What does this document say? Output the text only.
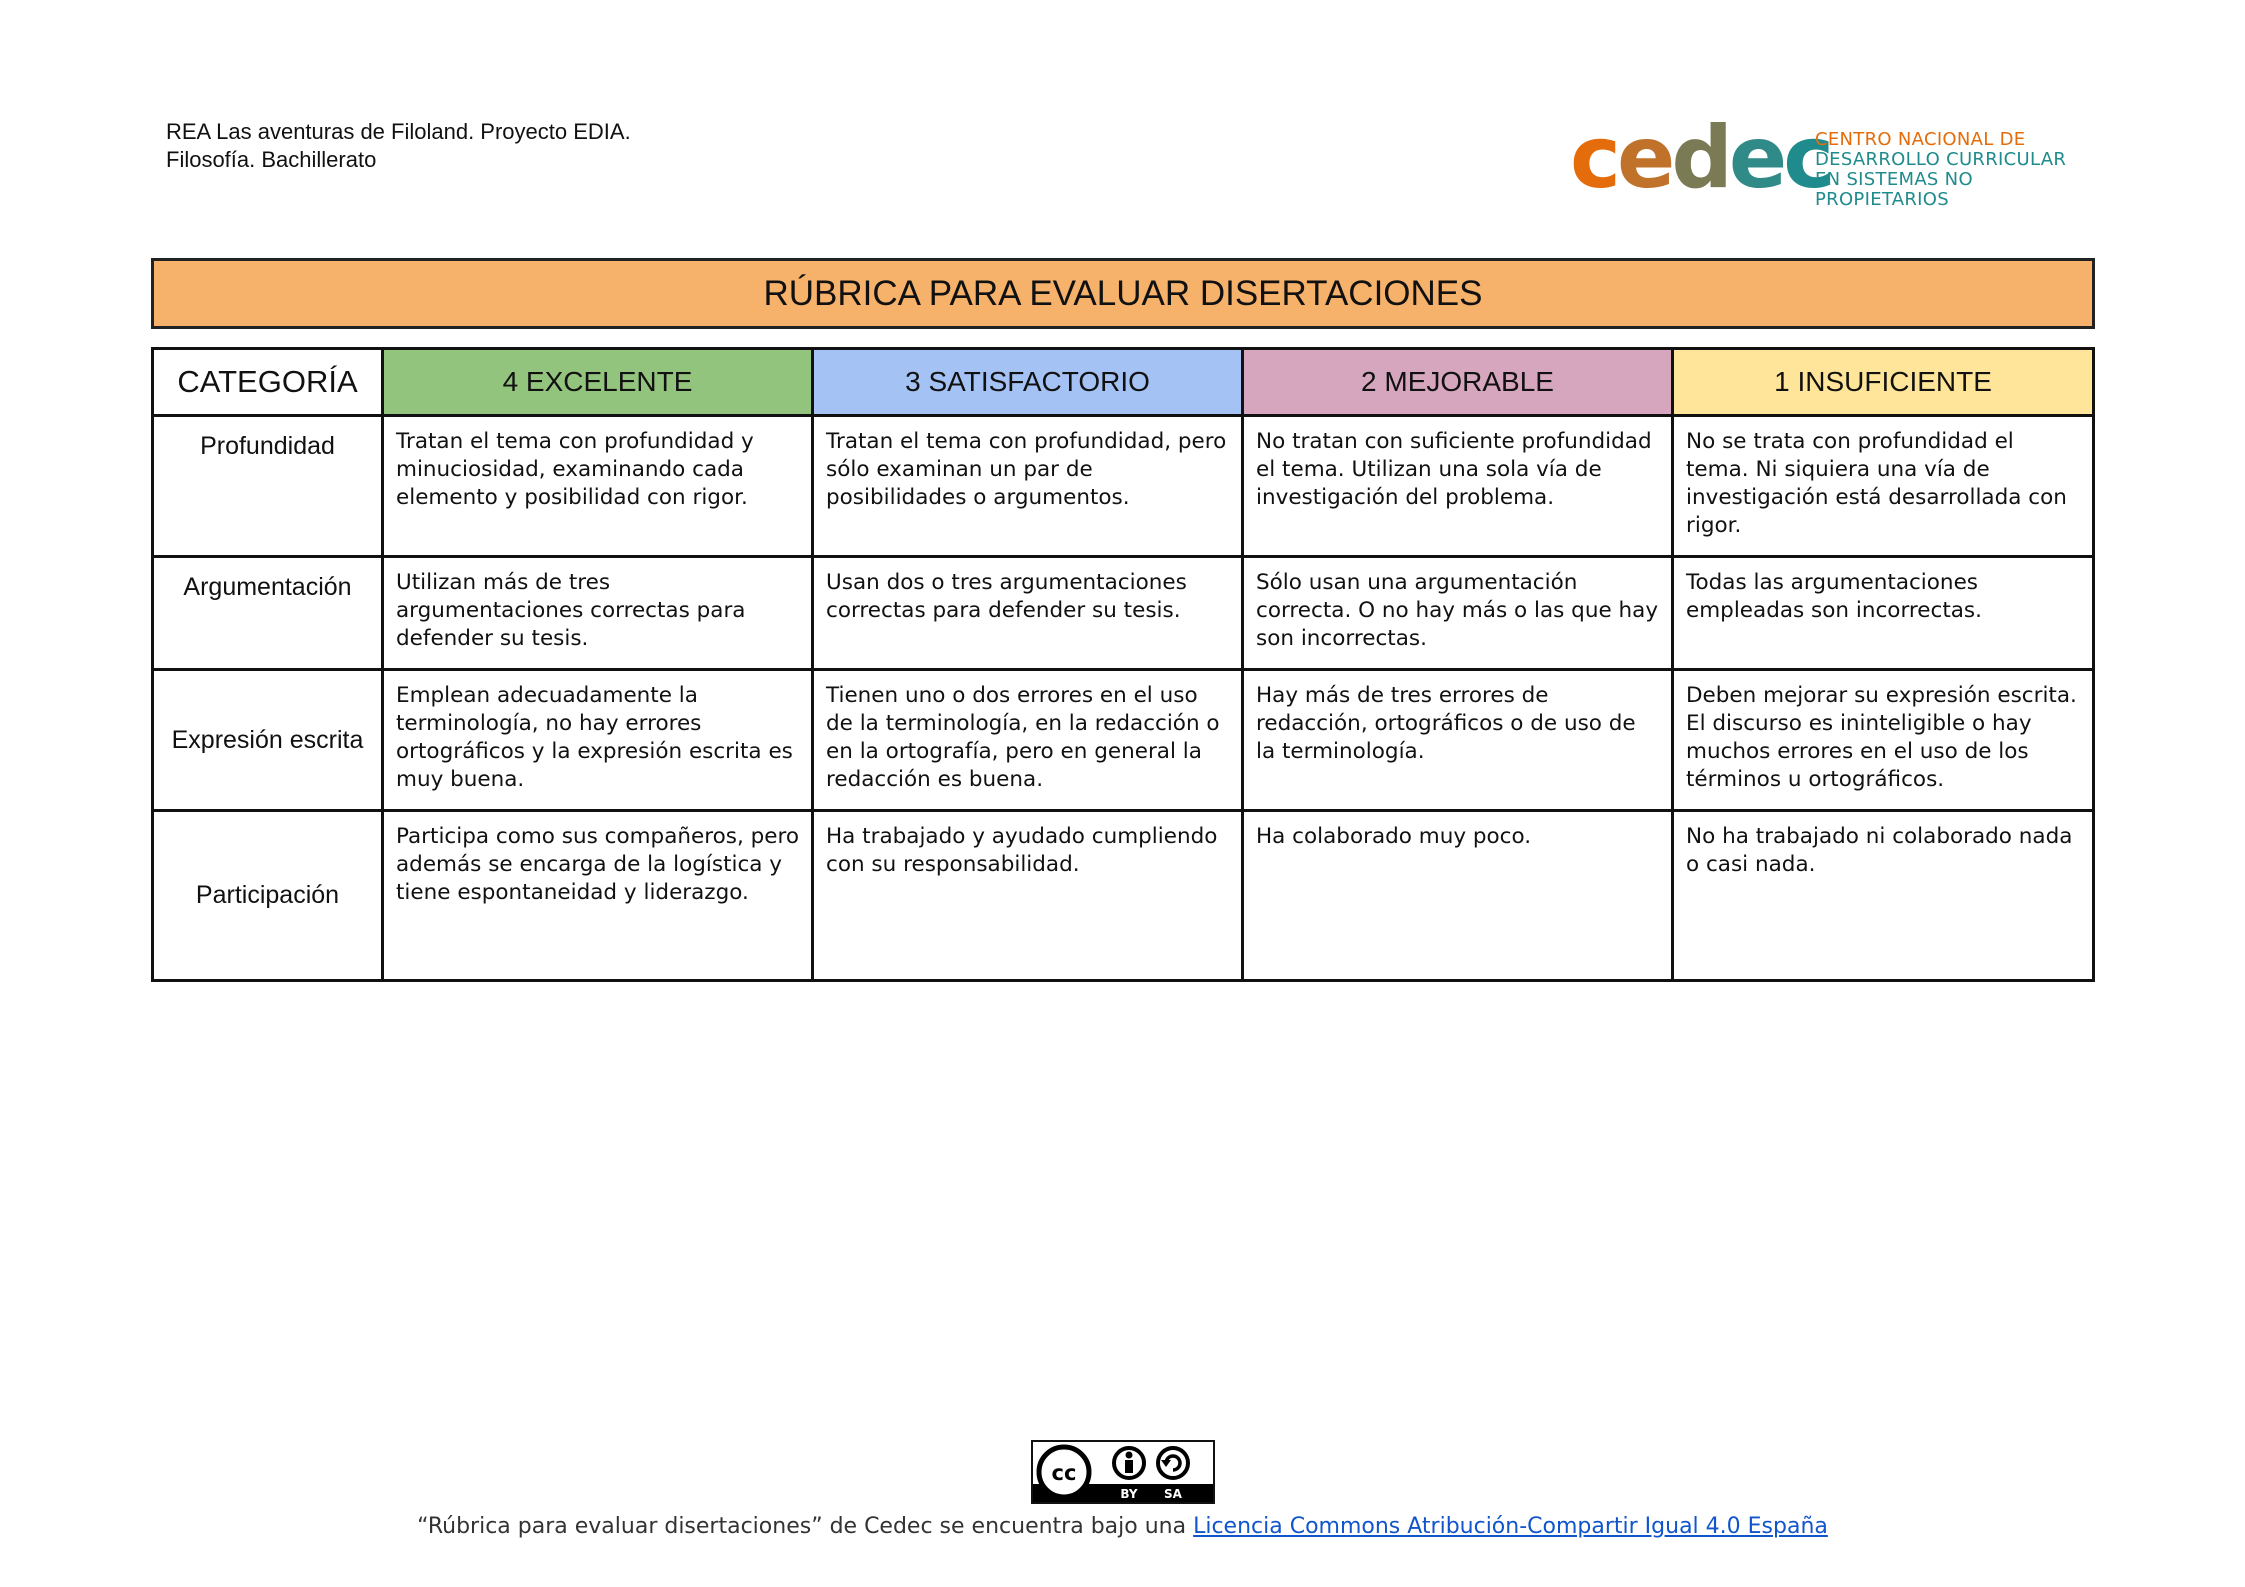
REA Las aventuras de Filoland. Proyecto EDIA.
Filosofía. Bachillerato	cedec
CENTRO NACIONAL DE
DESARROLLO CURRICULAR
EN SISTEMAS NO PROPIETARIOS
RÚBRICA PARA EVALUAR DISERTACIONES
CATEGORÍA	4 EXCELENTE	3 SATISFACTORIO	2 MEJORABLE	1 INSUFICIENTE
Profundidad	Tratan el tema con profundidad y minuciosidad, examinando cada elemento y posibilidad con rigor.	Tratan el tema con profundidad, pero sólo examinan un par de posibilidades o argumentos.	No tratan con suficiente profundidad el tema. Utilizan una sola vía de investigación del problema.	No se trata con profundidad el tema. Ni siquiera una vía de investigación está desarrollada con rigor.
Argumentación	Utilizan más de tres argumentaciones correctas para defender su tesis.	Usan dos o tres argumentaciones correctas para defender su tesis.	Sólo usan una argumentación correcta. O no hay más o las que hay son incorrectas.	Todas las argumentaciones empleadas son incorrectas.
Expresión escrita	Emplean adecuadamente la terminología, no hay errores ortográficos y la expresión escrita es muy buena.	Tienen uno o dos errores en el uso de la terminología, en la redacción o en la ortografía, pero en general la redacción es buena.	Hay más de tres errores de redacción, ortográficos o de uso de la terminología.	Deben mejorar su expresión escrita. El discurso es ininteligible o hay muchos errores en el uso de los términos u ortográficos.
Participación	Participa como sus compañeros, pero además se encarga de la logística y tiene espontaneidad y liderazgo.	Ha trabajado y ayudado cumpliendo con su responsabilidad.	Ha colaborado muy poco.	No ha trabajado ni colaborado nada o casi nada.
cc
BY SA
“Rúbrica para evaluar disertaciones” de Cedec se encuentra bajo una Licencia Commons Atribución-Compartir Igual 4.0 España
